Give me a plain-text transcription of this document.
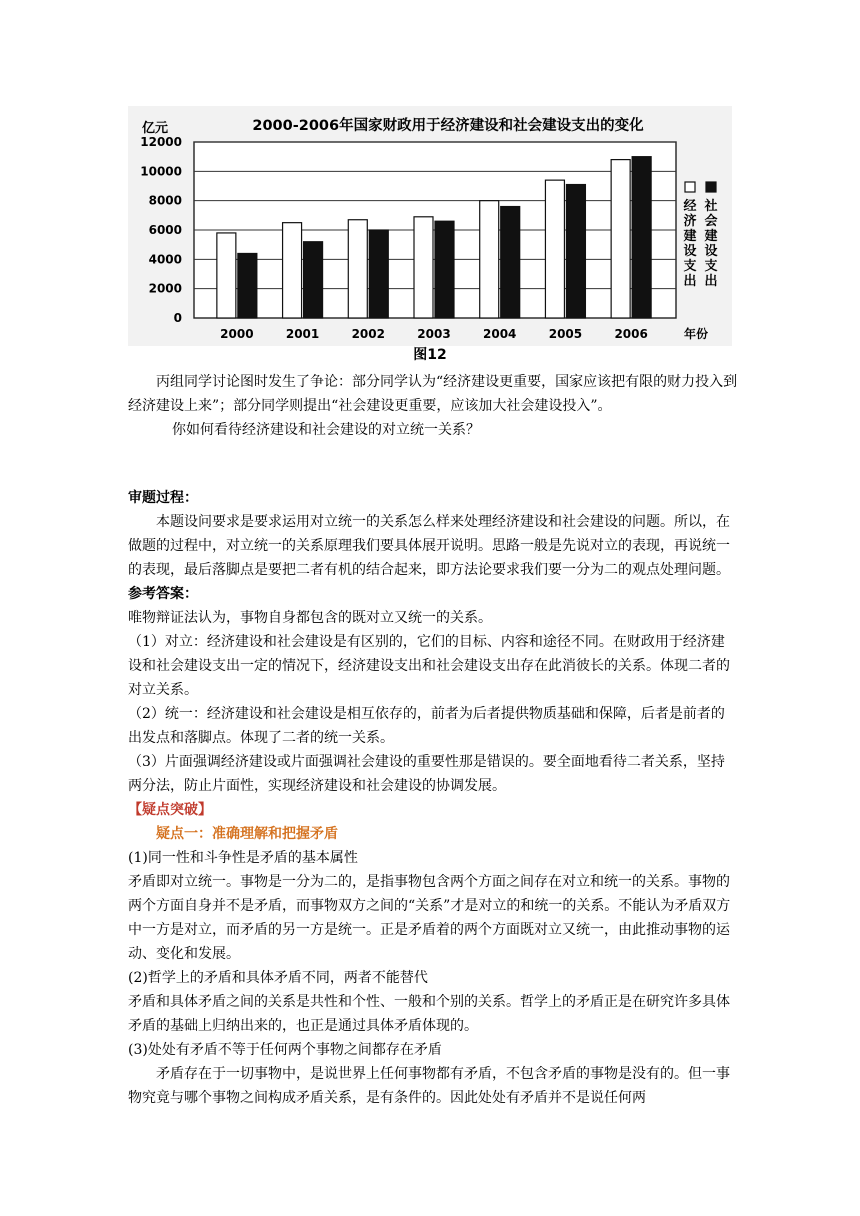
2000-2006年国家财政用于经济建设和社会建设支出的变化
亿元
0
2000
4000
6000
8000
10000
12000
2000	2001	2002	2003	2004	2005	2006	年份
经
济
建
设
支
出
社
会
建
设
支
出
图12

丙组同学讨论图时发生了争论：部分同学认为“经济建设更重要，国家应该把有限的财力投入到经济建设上来”；部分同学则提出“社会建设更重要，应该加大社会建设投入”。

你如何看待经济建设和社会建设的对立统一关系？

审题过程：

本题设问要求是要求运用对立统一的关系怎么样来处理经济建设和社会建设的问题。所以，在做题的过程中，对立统一的关系原理我们要具体展开说明。思路一般是先说对立的表现，再说统一的表现，最后落脚点是要把二者有机的结合起来，即方法论要求我们要一分为二的观点处理问题。

参考答案：

唯物辩证法认为，事物自身都包含的既对立又统一的关系。

（1）对立：经济建设和社会建设是有区别的，它们的目标、内容和途径不同。在财政用于经济建设和社会建设支出一定的情况下，经济建设支出和社会建设支出存在此消彼长的关系。体现二者的对立关系。

（2）统一：经济建设和社会建设是相互依存的，前者为后者提供物质基础和保障，后者是前者的出发点和落脚点。体现了二者的统一关系。

（3）片面强调经济建设或片面强调社会建设的重要性那是错误的。要全面地看待二者关系，坚持两分法，防止片面性，实现经济建设和社会建设的协调发展。

【疑点突破】

疑点一：准确理解和把握矛盾

(1)同一性和斗争性是矛盾的基本属性

矛盾即对立统一。事物是一分为二的，是指事物包含两个方面之间存在对立和统一的关系。事物的两个方面自身并不是矛盾，而事物双方之间的“关系”才是对立的和统一的关系。不能认为矛盾双方中一方是对立，而矛盾的另一方是统一。正是矛盾着的两个方面既对立又统一，由此推动事物的运动、变化和发展。

(2)哲学上的矛盾和具体矛盾不同，两者不能替代

矛盾和具体矛盾之间的关系是共性和个性、一般和个别的关系。哲学上的矛盾正是在研究许多具体矛盾的基础上归纳出来的，也正是通过具体矛盾体现的。

(3)处处有矛盾不等于任何两个事物之间都存在矛盾

矛盾存在于一切事物中，是说世界上任何事物都有矛盾，不包含矛盾的事物是没有的。但一事物究竟与哪个事物之间构成矛盾关系，是有条件的。因此处处有矛盾并不是说任何两
